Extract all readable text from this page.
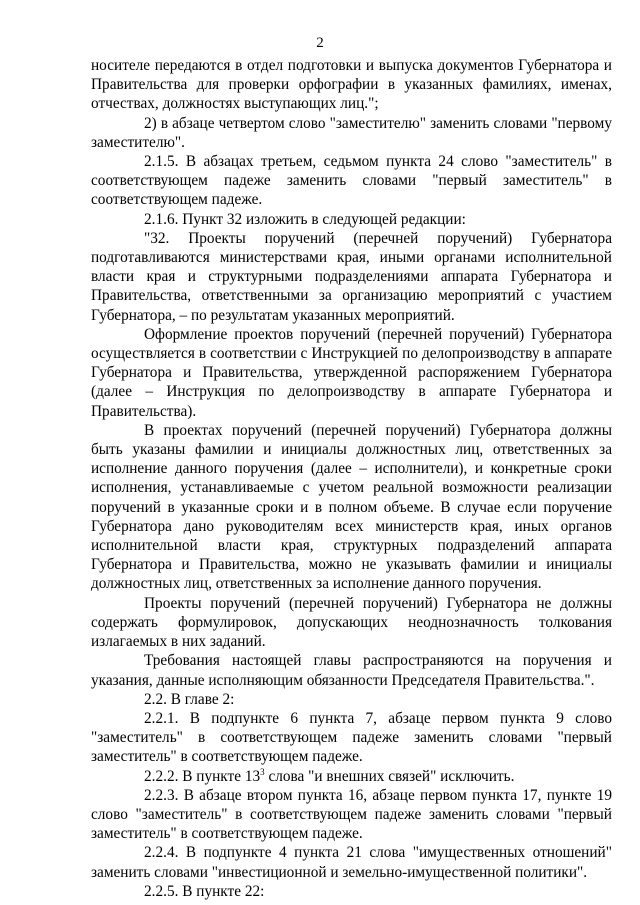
2

носителе передаются в отдел подготовки и выпуска документов Губернатора и Правительства для проверки орфографии в указанных фамилиях, именах, отчествах, должностях выступающих лиц.";

2) в абзаце четвертом слово "заместителю" заменить словами "первому заместителю".

2.1.5. В абзацах третьем, седьмом пункта 24 слово "заместитель" в соответствующем падеже заменить словами "первый заместитель" в соответствующем падеже.

2.1.6. Пункт 32 изложить в следующей редакции:

"32. Проекты поручений (перечней поручений) Губернатора подготавливаются министерствами края, иными органами исполнительной власти края и структурными подразделениями аппарата Губернатора и Правительства, ответственными за организацию мероприятий с участием Губернатора, – по результатам указанных мероприятий.

Оформление проектов поручений (перечней поручений) Губернатора осуществляется в соответствии с Инструкцией по делопроизводству в аппарате Губернатора и Правительства, утвержденной распоряжением Губернатора (далее – Инструкция по делопроизводству в аппарате Губернатора и Правительства).

В проектах поручений (перечней поручений) Губернатора должны быть указаны фамилии и инициалы должностных лиц, ответственных за исполнение данного поручения (далее – исполнители), и конкретные сроки исполнения, устанавливаемые с учетом реальной возможности реализации поручений в указанные сроки и в полном объеме. В случае если поручение Губернатора дано руководителям всех министерств края, иных органов исполнительной власти края, структурных подразделений аппарата Губернатора и Правительства, можно не указывать фамилии и инициалы должностных лиц, ответственных за исполнение данного поручения.

Проекты поручений (перечней поручений) Губернатора не должны содержать формулировок, допускающих неоднозначность толкования излагаемых в них заданий.

Требования настоящей главы распространяются на поручения и указания, данные исполняющим обязанности Председателя Правительства.".

2.2. В главе 2:

2.2.1. В подпункте 6 пункта 7, абзаце первом пункта 9 слово "заместитель" в соответствующем падеже заменить словами "первый заместитель" в соответствующем падеже.

2.2.2. В пункте $13^3$ слова "и внешних связей" исключить.

2.2.3. В абзаце втором пункта 16, абзаце первом пункта 17, пункте 19 слово "заместитель" в соответствующем падеже заменить словами "первый заместитель" в соответствующем падеже.

2.2.4. В подпункте 4 пункта 21 слова "имущественных отношений" заменить словами "инвестиционной и земельно-имущественной политики".

2.2.5. В пункте 22:
